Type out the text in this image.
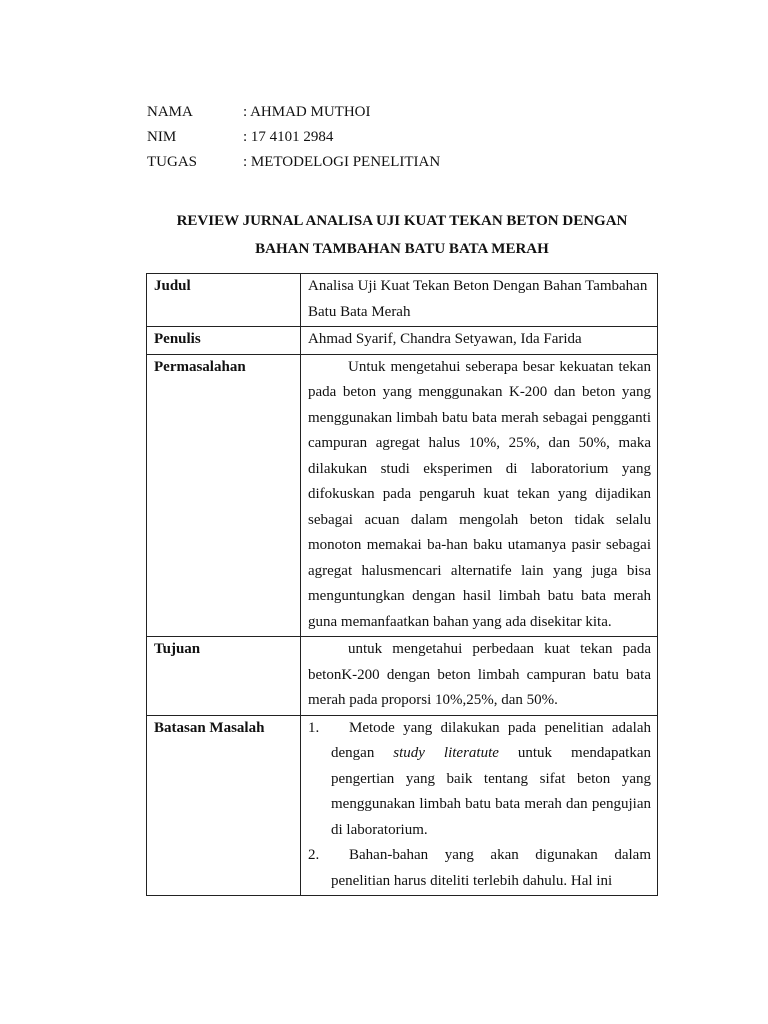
NAMA	: AHMAD MUTHOI
NIM	: 17 4101 2984
TUGAS	: METODELOGI PENELITIAN
REVIEW JURNAL ANALISA UJI KUAT TEKAN BETON DENGAN
BAHAN TAMBAHAN BATU BATA MERAH
Judul	Analisa Uji Kuat Tekan Beton Dengan Bahan Tambahan Batu Bata Merah
Penulis	Ahmad Syarif, Chandra Setyawan, Ida Farida
Permasalahan	Untuk mengetahui seberapa besar kekuatan tekan pada beton yang menggunakan K-200 dan beton yang menggunakan limbah batu bata merah sebagai pengganti campuran agregat halus 10%, 25%, dan 50%, maka dilakukan studi eksperimen di laboratorium yang difokuskan pada pengaruh kuat tekan yang dijadikan sebagai acuan dalam mengolah beton tidak selalu monoton memakai ba-han baku utamanya pasir sebagai agregat halusmencari alternatife lain yang juga bisa menguntungkan dengan hasil limbah batu bata merah guna memanfaatkan bahan yang ada disekitar kita.
Tujuan	untuk mengetahui perbedaan kuat tekan pada betonK-200 dengan beton limbah campuran batu bata merah pada proporsi 10%,25%, dan 50%.
Batasan Masalah	1. Metode yang dilakukan pada penelitian adalah dengan study literatute untuk mendapatkan pengertian yang baik tentang sifat beton yang menggunakan limbah batu bata merah dan pengujian di laboratorium.
2. Bahan-bahan yang akan digunakan dalam penelitian harus diteliti terlebih dahulu. Hal ini
